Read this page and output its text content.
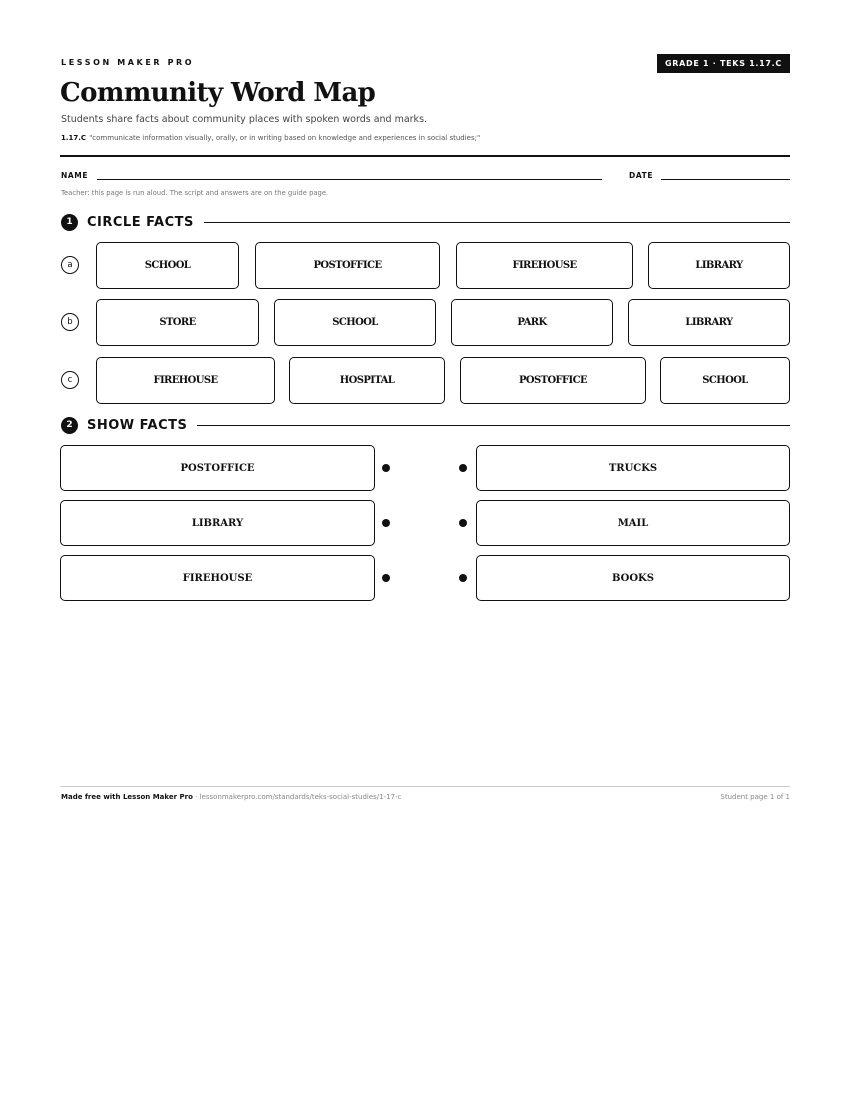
LESSON MAKER PRO	GRADE 1 · TEKS 1.17.C
Community Word Map
Students share facts about community places with spoken words and marks.
1.17.C "communicate information visually, orally, or in writing based on knowledge and experiences in social studies;"
NAME	DATE
Teacher: this page is run aloud. The script and answers are on the guide page.
1	CIRCLE FACTS
a	SCHOOL	POSTOFFICE	FIREHOUSE	LIBRARY
b	STORE	SCHOOL	PARK	LIBRARY
c	FIREHOUSE	HOSPITAL	POSTOFFICE	SCHOOL
2	SHOW FACTS
POSTOFFICE	TRUCKS
LIBRARY	MAIL
FIREHOUSE	BOOKS
Made free with Lesson Maker Pro · lessonmakerpro.com/standards/teks-social-studies/1-17-c	Student page 1 of 1
